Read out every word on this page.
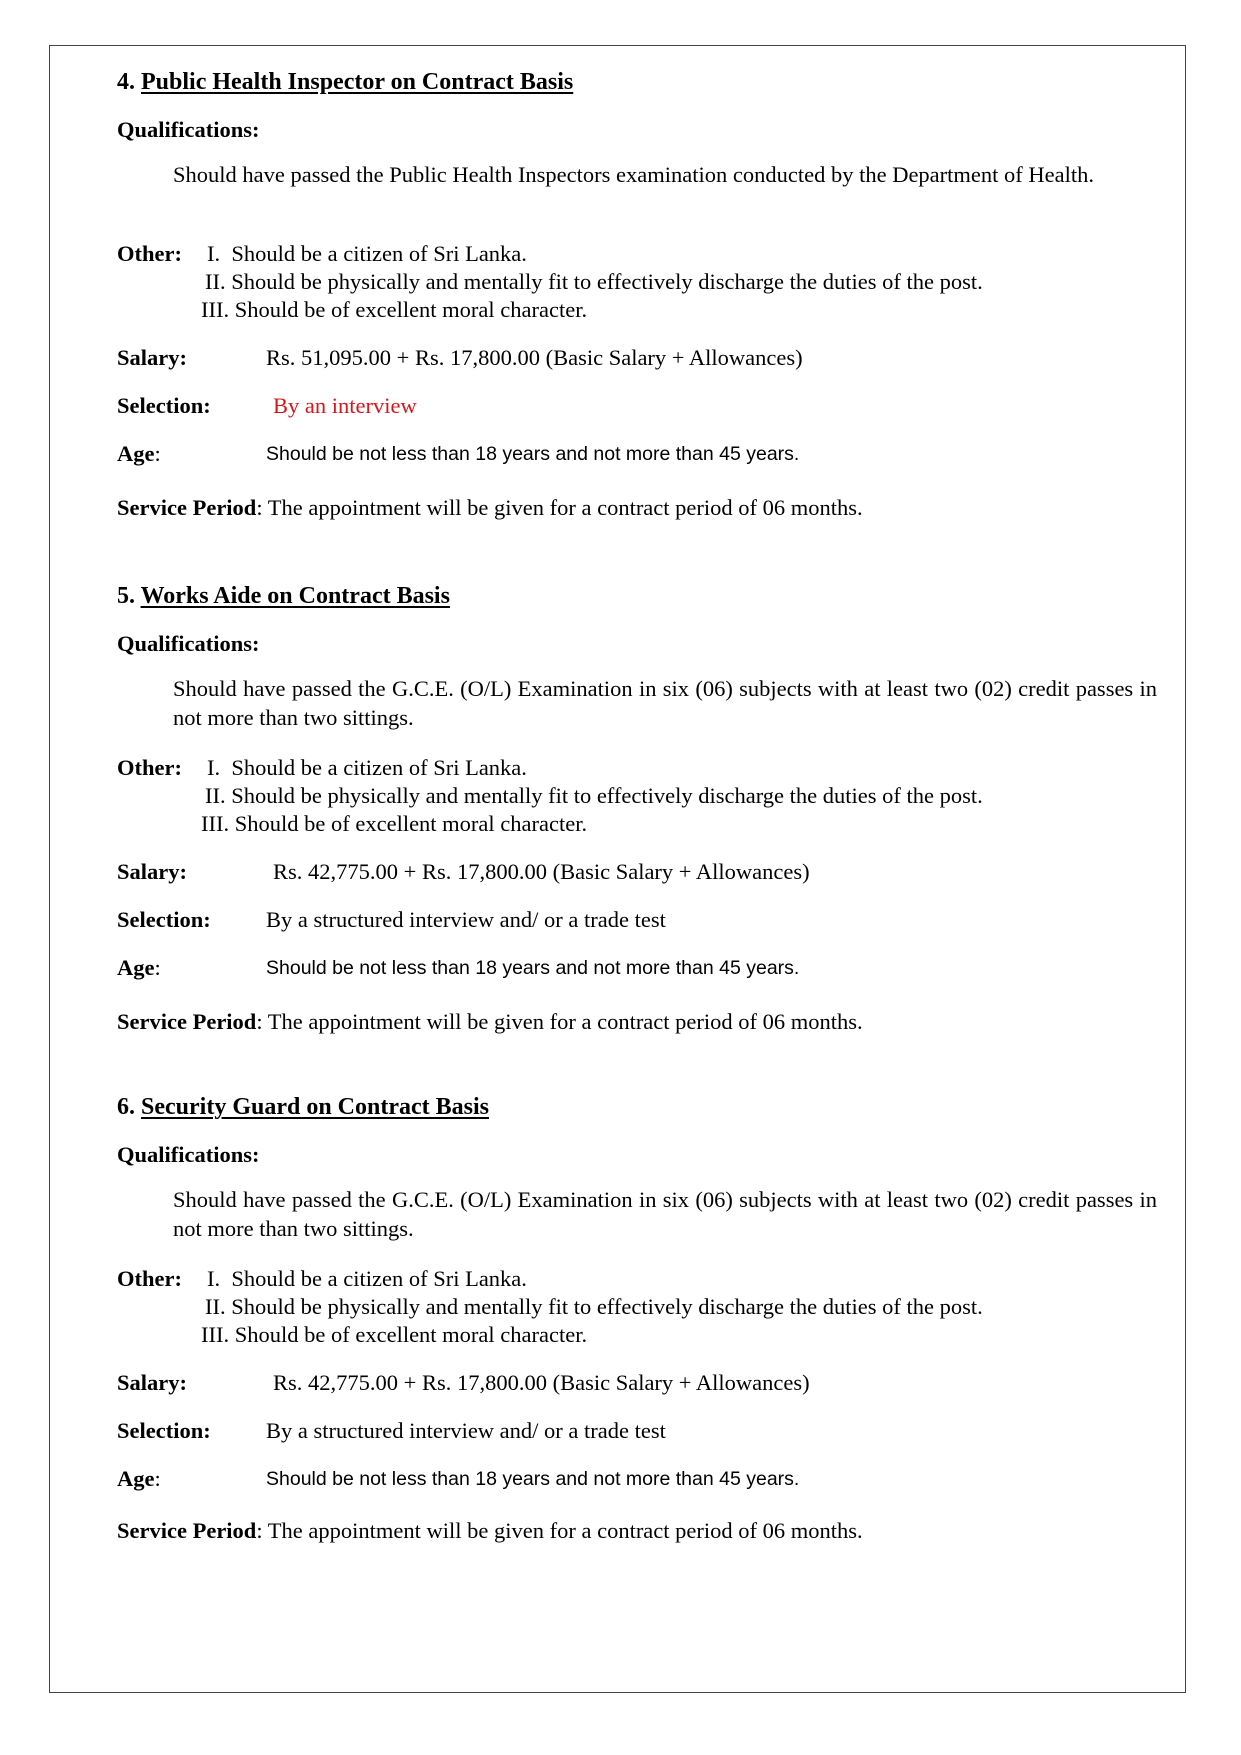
4. Public Health Inspector on Contract Basis
Qualifications:
Should have passed the Public Health Inspectors examination conducted by the Department of Health.
Other: I. Should be a citizen of Sri Lanka.
II. Should be physically and mentally fit to effectively discharge the duties of the post.
III. Should be of excellent moral character.
Salary:	Rs. 51,095.00 + Rs. 17,800.00 (Basic Salary + Allowances)
Selection:	By an interview
Age:	Should be not less than 18 years and not more than 45 years.
Service Period: The appointment will be given for a contract period of 06 months.
5. Works Aide on Contract Basis
Qualifications:
Should have passed the G.C.E. (O/L) Examination in six (06) subjects with at least two (02) credit passes in not more than two sittings.
Other: I. Should be a citizen of Sri Lanka.
II. Should be physically and mentally fit to effectively discharge the duties of the post.
III. Should be of excellent moral character.
Salary:	Rs. 42,775.00 + Rs. 17,800.00 (Basic Salary + Allowances)
Selection: By a structured interview and/ or a trade test
Age:	Should be not less than 18 years and not more than 45 years.
Service Period: The appointment will be given for a contract period of 06 months.
6. Security Guard on Contract Basis
Qualifications:
Should have passed the G.C.E. (O/L) Examination in six (06) subjects with at least two (02) credit passes in not more than two sittings.
Other: I. Should be a citizen of Sri Lanka.
II. Should be physically and mentally fit to effectively discharge the duties of the post.
III. Should be of excellent moral character.
Salary:	Rs. 42,775.00 + Rs. 17,800.00 (Basic Salary + Allowances)
Selection: By a structured interview and/ or a trade test
Age:	Should be not less than 18 years and not more than 45 years.
Service Period: The appointment will be given for a contract period of 06 months.
